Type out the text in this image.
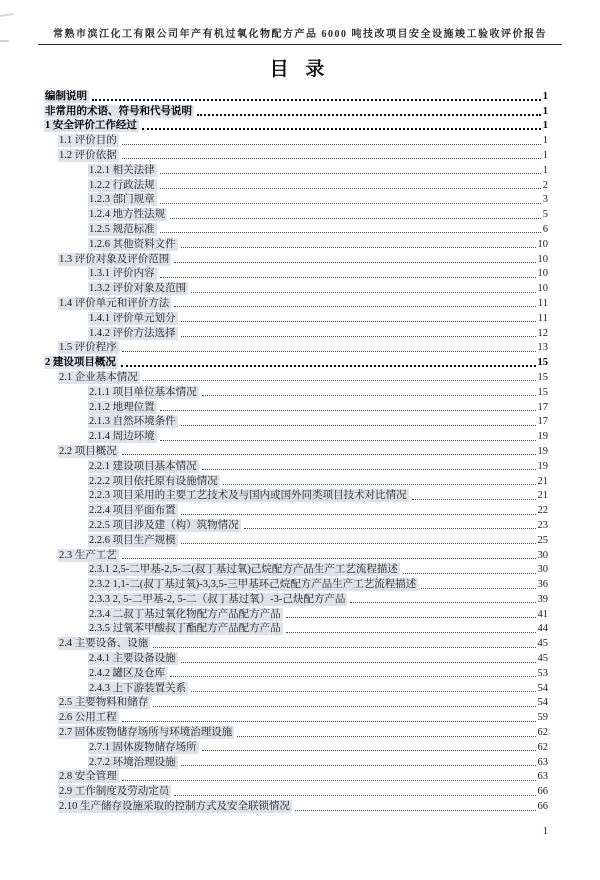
常熟市滨江化工有限公司年产有机过氧化物配方产品 6000 吨技改项目安全设施竣工验收评价报告
目 录
编制说明	1
非常用的术语、符号和代号说明	1
1 安全评价工作经过	1
1.1 评价目的	1
1.2 评价依据	1
1.2.1 相关法律	1
1.2.2 行政法规	2
1.2.3 部门规章	3
1.2.4 地方性法规	5
1.2.5 规范标准	6
1.2.6 其他资料文件	10
1.3 评价对象及评价范围	10
1.3.1 评价内容	10
1.3.2 评价对象及范围	10
1.4 评价单元和评价方法	11
1.4.1 评价单元划分	11
1.4.2 评价方法选择	12
1.5 评价程序	13
2 建设项目概况	15
2.1 企业基本情况	15
2.1.1 项目单位基本情况	15
2.1.2 地理位置	17
2.1.3 自然环境条件	17
2.1.4 周边环境	19
2.2 项目概况	19
2.2.1 建设项目基本情况	19
2.2.2 项目依托原有设施情况	21
2.2.3 项目采用的主要工艺技术及与国内或国外同类项目技术对比情况	21
2.2.4 项目平面布置	22
2.2.5 项目涉及建（构）筑物情况	23
2.2.6 项目生产规模	25
2.3 生产工艺	30
2.3.1 2,5-二甲基-2,5-二(叔丁基过氧)己烷配方产品生产工艺流程描述	30
2.3.2 1,1-二(叔丁基过氧)-3,3,5-三甲基环己烷配方产品生产工艺流程描述	36
2.3.3 2, 5-二甲基-2, 5-二（叔丁基过氧）-3-己炔配方产品	39
2.3.4 二叔丁基过氧化物配方产品配方产品	41
2.3.5 过氧苯甲酸叔丁酯配方产品配方产品	44
2.4 主要设备、设施	45
2.4.1 主要设备设施	45
2.4.2 罐区及仓库	53
2.4.3 上下游装置关系	54
2.5 主要物料和储存	54
2.6 公用工程	59
2.7 固体废物储存场所与环境治理设施	62
2.7.1 固体废物储存场所	62
2.7.2 环境治理设施	63
2.8 安全管理	63
2.9 工作制度及劳动定员	66
2.10 生产储存设施采取的控制方式及安全联锁情况	66
1
